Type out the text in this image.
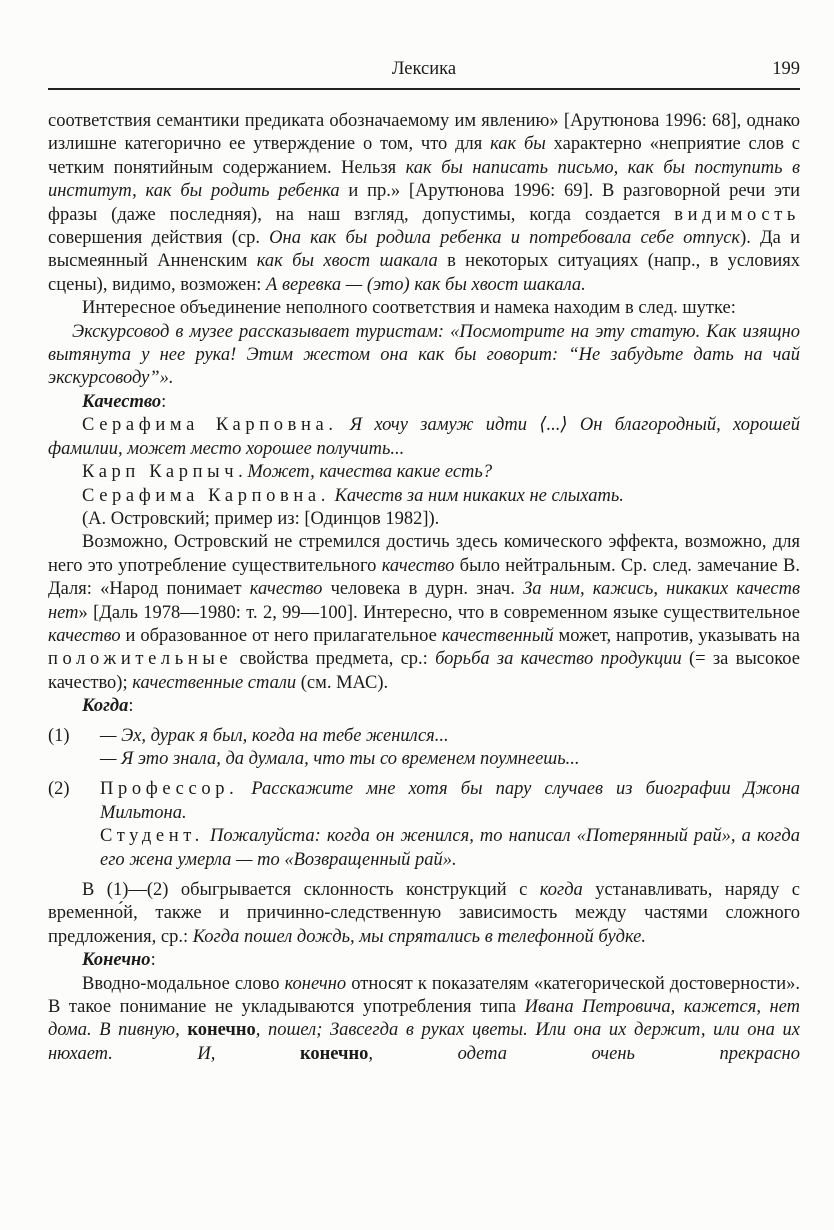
Лексика	199

соответствия семантики предиката обозначаемому им явлению» [Арутюнова 1996: 68], однако излишне категорично ее утверждение о том, что для как бы характерно «неприятие слов с четким понятийным содержанием. Нельзя как бы написать письмо, как бы поступить в институт, как бы родить ребенка и пр.» [Арутюнова 1996: 69]. В разговорной речи эти фразы (даже последняя), на наш взгляд, допустимы, когда создается видимость совершения действия (ср. Она как бы родила ребенка и потребовала себе отпуск). Да и высмеянный Анненским как бы хвост шакала в некоторых ситуациях (напр., в условиях сцены), видимо, возможен: А веревка — (это) как бы хвост шакала.

Интересное объединение неполного соответствия и намека находим в след. шутке:

Экскурсовод в музее рассказывает туристам: «Посмотрите на эту статую. Как изящно вытянута у нее рука! Этим жестом она как бы говорит: “Не забудьте дать на чай экскурсоводу”».

Качество:

Серафима Карповна. Я хочу замуж идти ⟨...⟩ Он благородный, хорошей фамилии, может место хорошее получить...

Карп Карпыч.Может, качества какие есть?

Серафима Карповна. Качеств за ним никаких не слыхать.

(А. Островский; пример из: [Одинцов 1982]).

Возможно, Островский не стремился достичь здесь комического эффекта, возможно, для него это употребление существительного качество было нейтральным. Ср. след. замечание В. Даля: «Народ понимает качество человека в дурн. знач. За ним, кажись, никаких качеств нет» [Даль 1978—1980: т. 2, 99—100]. Интересно, что в современном языке существительное качество и образованное от него прилагательное качественный может, напротив, указывать на положительные свойства предмета, ср.: борьба за качество продукции (= за высокое качество); качественные стали (см. МАС).

Когда:

(1)	— Эх, дурак я был, когда на тебе женился...

— Я это знала, да думала, что ты со временем поумнеешь...

(2)	Профессор. Расскажите мне хотя бы пару случаев из биографии Джона Мильтона.

Студент. Пожалуйста: когда он женился, то написал «Потерянный рай», а когда его жена умерла — то «Возвращенный рай».

В (1)—(2) обыгрывается склонность конструкций с когда устанавливать, наряду с временно́й, также и причинно-следственную зависимость между частями сложного предложения, ср.: Когда пошел дождь, мы спрятались в телефонной будке.

Конечно:

Вводно-модальное слово конечно относят к показателям «категорической достоверности». В такое понимание не укладываются употребления типа Ивана Петровича, кажется, нет дома. В пивную, конечно, пошел; Завсегда в руках цветы. Или она их держит, или она их нюхает. И, конечно, одета очень прекрасно
